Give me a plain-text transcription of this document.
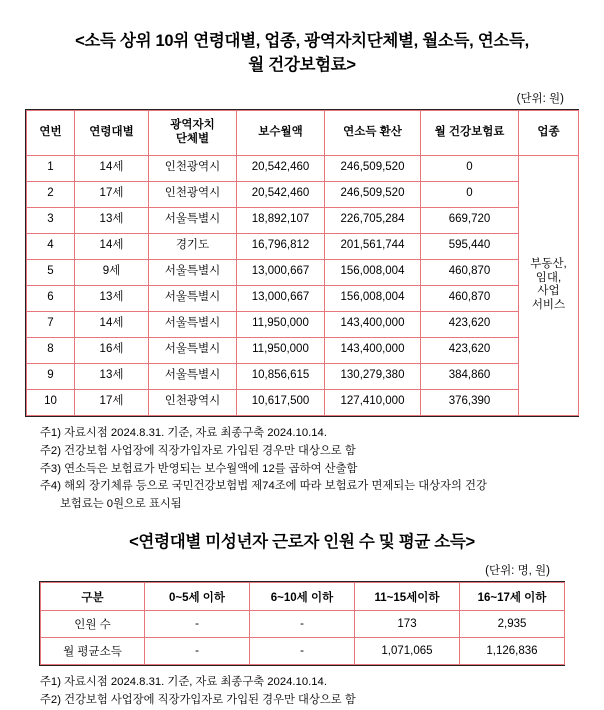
<소득 상위 10위 연령대별, 업종, 광역자치단체별, 월소득, 연소득,
월 건강보험료>
(단위: 원)
연번	연령대별	광역자치
단체별	보수월액	연소득 환산	월 건강보험료	업종
1	14세	인천광역시	20,542,460	246,509,520	0	부동산,
임대,
사업
서비스

2	17세	인천광역시	20,542,460	246,509,520	0	
3	13세	서울특별시	18,892,107	226,705,284	669,720	
4	14세	경기도	16,796,812	201,561,744	595,440	
5	9세	서울특별시	13,000,667	156,008,004	460,870	
6	13세	서울특별시	13,000,667	156,008,004	460,870	
7	14세	서울특별시	11,950,000	143,400,000	423,620	
8	16세	서울특별시	11,950,000	143,400,000	423,620	
9	13세	서울특별시	10,856,615	130,279,380	384,860	
10	17세	인천광역시	10,617,500	127,410,000	376,390	
주1) 자료시점 2024.8.31. 기준, 자료 최종구축 2024.10.14.
주2) 건강보험 사업장에 직장가입자로 가입된 경우만 대상으로 함
주3) 연소득은 보험료가 반영되는 보수월액에 12를 곱하여 산출함
주4) 해외 장기체류 등으로 국민건강보험법 제74조에 따라 보험료가 면제되는 대상자의 건강
보험료는 0원으로 표시됨
<연령대별 미성년자 근로자 인원 수 및 평균 소득>
(단위: 명, 원)
구분	0~5세 이하	6~10세 이하	11~15세이하	16~17세 이하
인원 수	-	-	173	2,935
월 평균소득	-	-	1,071,065	1,126,836
주1) 자료시점 2024.8.31. 기준, 자료 최종구축 2024.10.14.
주2) 건강보험 사업장에 직장가입자로 가입된 경우만 대상으로 함
